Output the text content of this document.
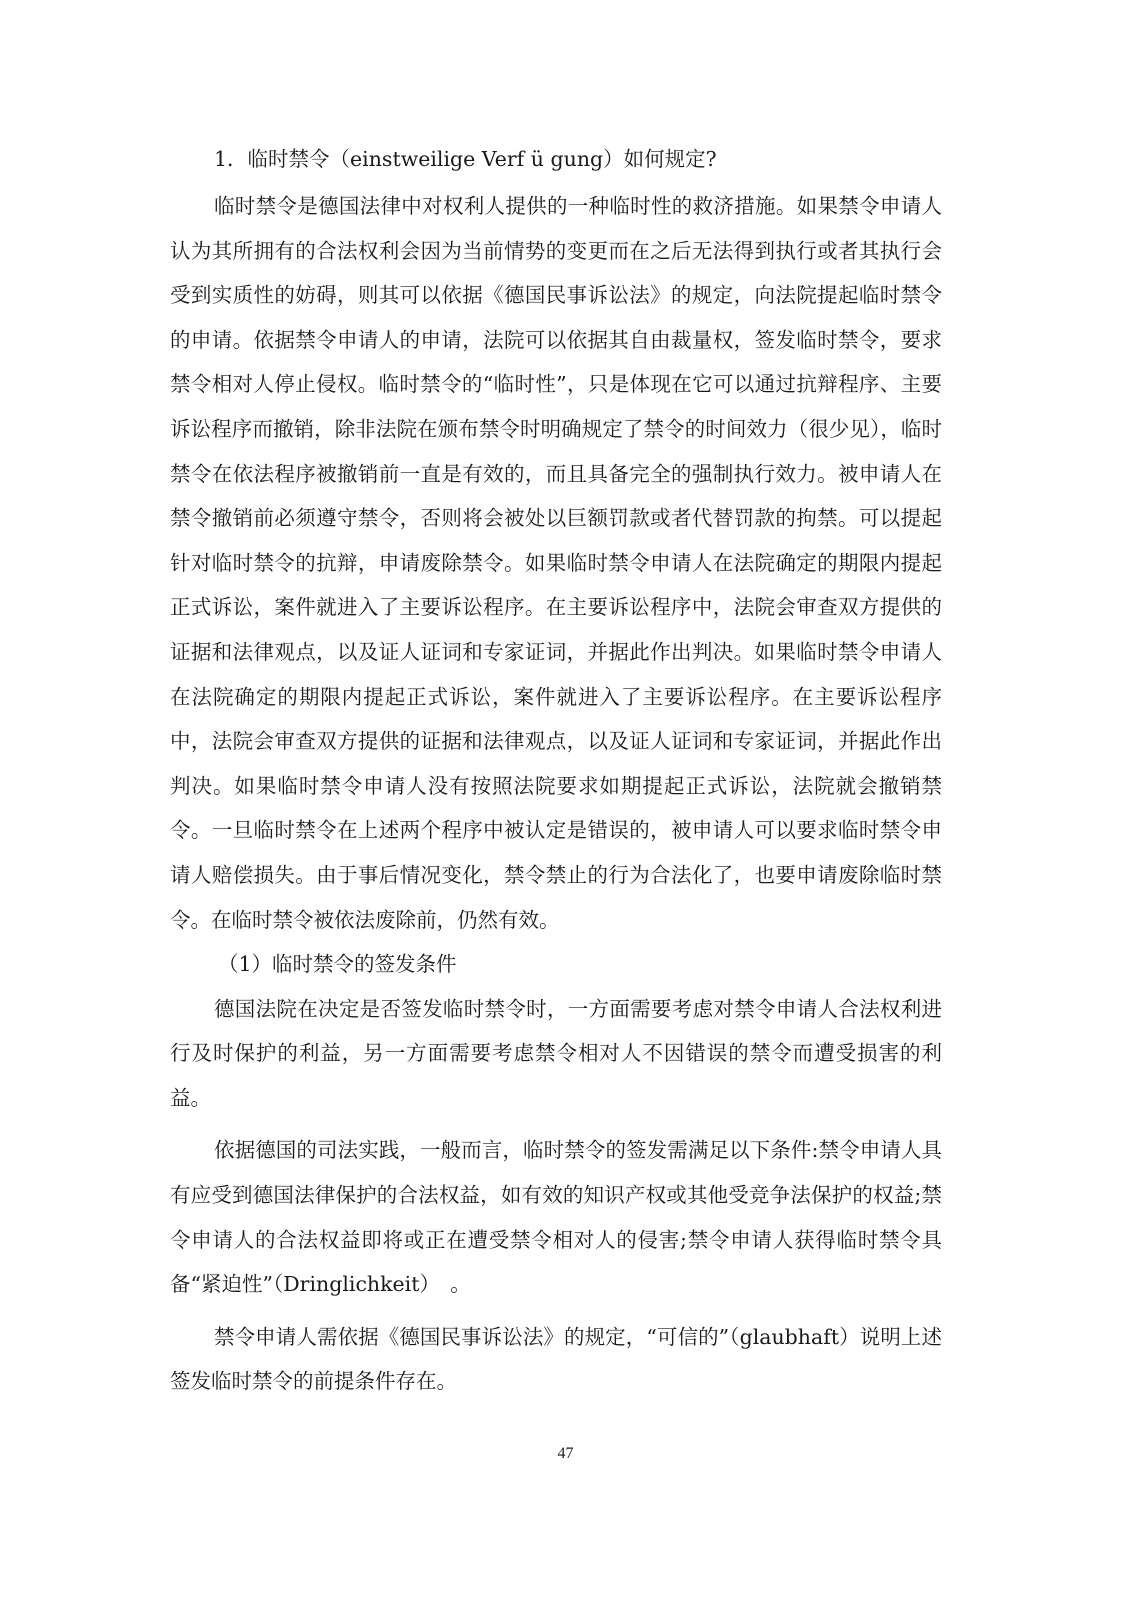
1．临时禁令（einstweilige Verf ü gung）如何规定?

临时禁令是德国法律中对权利人提供的一种临时性的救济措施。如果禁令申请人认为其所拥有的合法权利会因为当前情势的变更而在之后无法得到执行或者其执行会受到实质性的妨碍，则其可以依据《德国民事诉讼法》的规定，向法院提起临时禁令的申请。依据禁令申请人的申请，法院可以依据其自由裁量权，签发临时禁令，要求禁令相对人停止侵权。临时禁令的“临时性”，只是体现在它可以通过抗辩程序、主要诉讼程序而撤销，除非法院在颁布禁令时明确规定了禁令的时间效力（很少见），临时禁令在依法程序被撤销前一直是有效的，而且具备完全的强制执行效力。被申请人在禁令撤销前必须遵守禁令，否则将会被处以巨额罚款或者代替罚款的拘禁。可以提起针对临时禁令的抗辩，申请废除禁令。如果临时禁令申请人在法院确定的期限内提起正式诉讼，案件就进入了主要诉讼程序。在主要诉讼程序中，法院会审查双方提供的证据和法律观点，以及证人证词和专家证词，并据此作出判决。如果临时禁令申请人在法院确定的期限内提起正式诉讼，案件就进入了主要诉讼程序。在主要诉讼程序中，法院会审查双方提供的证据和法律观点，以及证人证词和专家证词，并据此作出判决。如果临时禁令申请人没有按照法院要求如期提起正式诉讼，法院就会撤销禁令。一旦临时禁令在上述两个程序中被认定是错误的，被申请人可以要求临时禁令申请人赔偿损失。由于事后情况变化，禁令禁止的行为合法化了，也要申请废除临时禁令。在临时禁令被依法废除前，仍然有效。

（1）临时禁令的签发条件

德国法院在决定是否签发临时禁令时，一方面需要考虑对禁令申请人合法权利进行及时保护的利益，另一方面需要考虑禁令相对人不因错误的禁令而遭受损害的利益。

依据德国的司法实践，一般而言，临时禁令的签发需满足以下条件:禁令申请人具有应受到德国法律保护的合法权益，如有效的知识产权或其他受竞争法保护的权益;禁令申请人的合法权益即将或正在遭受禁令相对人的侵害;禁令申请人获得临时禁令具备“紧迫性”（Dringlichkeit）　。

禁令申请人需依据《德国民事诉讼法》的规定，“可信的”（glaubhaft）说明上述签发临时禁令的前提条件存在。

47
